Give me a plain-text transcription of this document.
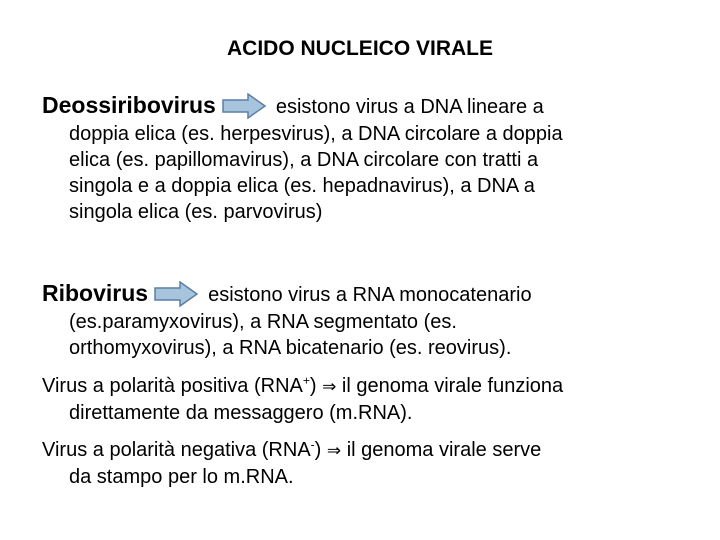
ACIDO NUCLEICO VIRALE
Deossiribovirus	esistono virus a DNA lineare a
doppia elica (es. herpesvirus), a DNA circolare a doppia
elica (es. papillomavirus), a DNA circolare con tratti a
singola e a doppia elica (es. hepadnavirus), a DNA a
singola elica (es. parvovirus)
Ribovirus	esistono virus a RNA monocatenario
(es.paramyxovirus), a RNA segmentato (es.
orthomyxovirus), a RNA bicatenario (es. reovirus).
Virus a polarità positiva (RNA+) ⇒ il genoma virale funziona
direttamente da messaggero (m.RNA).
Virus a polarità negativa (RNA-) ⇒ il genoma virale serve
da stampo per lo m.RNA.
